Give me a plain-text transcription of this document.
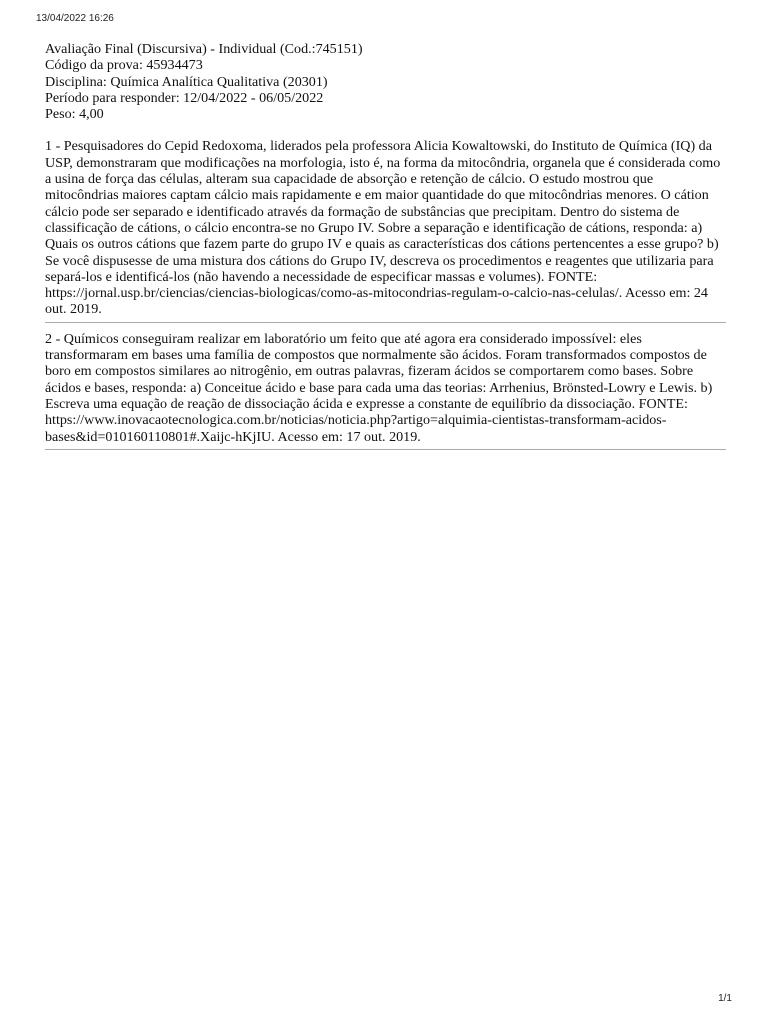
13/04/2022 16:26
Avaliação Final (Discursiva) - Individual (Cod.:745151)
Código da prova: 45934473
Disciplina: Química Analítica Qualitativa (20301)
Período para responder: 12/04/2022 - 06/05/2022
Peso: 4,00
1 - Pesquisadores do Cepid Redoxoma, liderados pela professora Alicia Kowaltowski, do Instituto de Química (IQ) da USP, demonstraram que modificações na morfologia, isto é, na forma da mitocôndria, organela que é considerada como a usina de força das células, alteram sua capacidade de absorção e retenção de cálcio. O estudo mostrou que mitocôndrias maiores captam cálcio mais rapidamente e em maior quantidade do que mitocôndrias menores. O cátion cálcio pode ser separado e identificado através da formação de substâncias que precipitam. Dentro do sistema de classificação de cátions, o cálcio encontra-se no Grupo IV. Sobre a separação e identificação de cátions, responda: a) Quais os outros cátions que fazem parte do grupo IV e quais as características dos cátions pertencentes a esse grupo? b) Se você dispusesse de uma mistura dos cátions do Grupo IV, descreva os procedimentos e reagentes que utilizaria para separá-los e identificá-los (não havendo a necessidade de especificar massas e volumes). FONTE: https://jornal.usp.br/ciencias/ciencias-biologicas/como-as-mitocondrias-regulam-o-calcio-nas-celulas/. Acesso em: 24 out. 2019.
2 - Químicos conseguiram realizar em laboratório um feito que até agora era considerado impossível: eles transformaram em bases uma família de compostos que normalmente são ácidos. Foram transformados compostos de boro em compostos similares ao nitrogênio, em outras palavras, fizeram ácidos se comportarem como bases. Sobre ácidos e bases, responda: a) Conceitue ácido e base para cada uma das teorias: Arrhenius, Brönsted-Lowry e Lewis. b) Escreva uma equação de reação de dissociação ácida e expresse a constante de equilíbrio da dissociação. FONTE: https://www.inovacaotecnologica.com.br/noticias/noticia.php?artigo=alquimia-cientistas-transformam-acidos-bases&id=010160110801#.Xaijc-hKjIU. Acesso em: 17 out. 2019.
1/1
